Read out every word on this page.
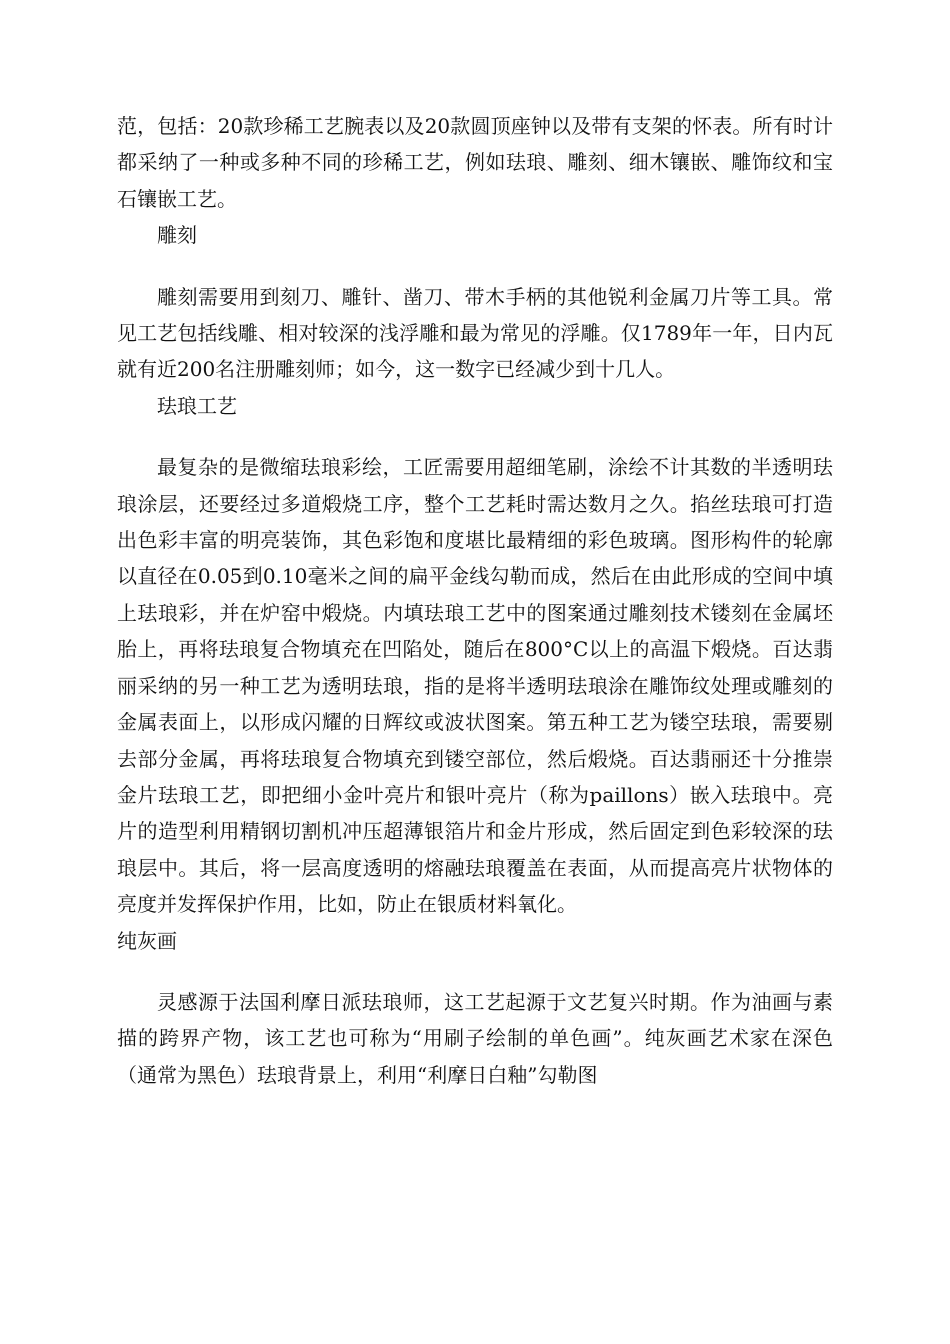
范，包括：20款珍稀工艺腕表以及20款圆顶座钟以及带有支架的怀表。所有时计都采纳了一种或多种不同的珍稀工艺，例如珐琅、雕刻、细木镶嵌、雕饰纹和宝石镶嵌工艺。

雕刻

雕刻需要用到刻刀、雕针、凿刀、带木手柄的其他锐利金属刀片等工具。常见工艺包括线雕、相对较深的浅浮雕和最为常见的浮雕。仅1789年一年，日内瓦就有近200名注册雕刻师；如今，这一数字已经减少到十几人。

珐琅工艺

最复杂的是微缩珐琅彩绘，工匠需要用超细笔刷，涂绘不计其数的半透明珐琅涂层，还要经过多道煅烧工序，整个工艺耗时需达数月之久。掐丝珐琅可打造出色彩丰富的明亮装饰，其色彩饱和度堪比最精细的彩色玻璃。图形构件的轮廓以直径在0.05到0.10毫米之间的扁平金线勾勒而成，然后在由此形成的空间中填上珐琅彩，并在炉窑中煅烧。内填珐琅工艺中的图案通过雕刻技术镂刻在金属坯胎上，再将珐琅复合物填充在凹陷处，随后在800°C以上的高温下煅烧。百达翡丽采纳的另一种工艺为透明珐琅，指的是将半透明珐琅涂在雕饰纹处理或雕刻的金属表面上，以形成闪耀的日辉纹或波状图案。第五种工艺为镂空珐琅，需要剔去部分金属，再将珐琅复合物填充到镂空部位，然后煅烧。百达翡丽还十分推崇金片珐琅工艺，即把细小金叶亮片和银叶亮片（称为paillons）嵌入珐琅中。亮片的造型利用精钢切割机冲压超薄银箔片和金片形成，然后固定到色彩较深的珐琅层中。其后，将一层高度透明的熔融珐琅覆盖在表面，从而提高亮片状物体的亮度并发挥保护作用，比如，防止在银质材料氧化。

纯灰画

灵感源于法国利摩日派珐琅师，这工艺起源于文艺复兴时期。作为油画与素描的跨界产物，该工艺也可称为“用刷子绘制的单色画”。纯灰画艺术家在深色（通常为黑色）珐琅背景上，利用“利摩日白釉”勾勒图
